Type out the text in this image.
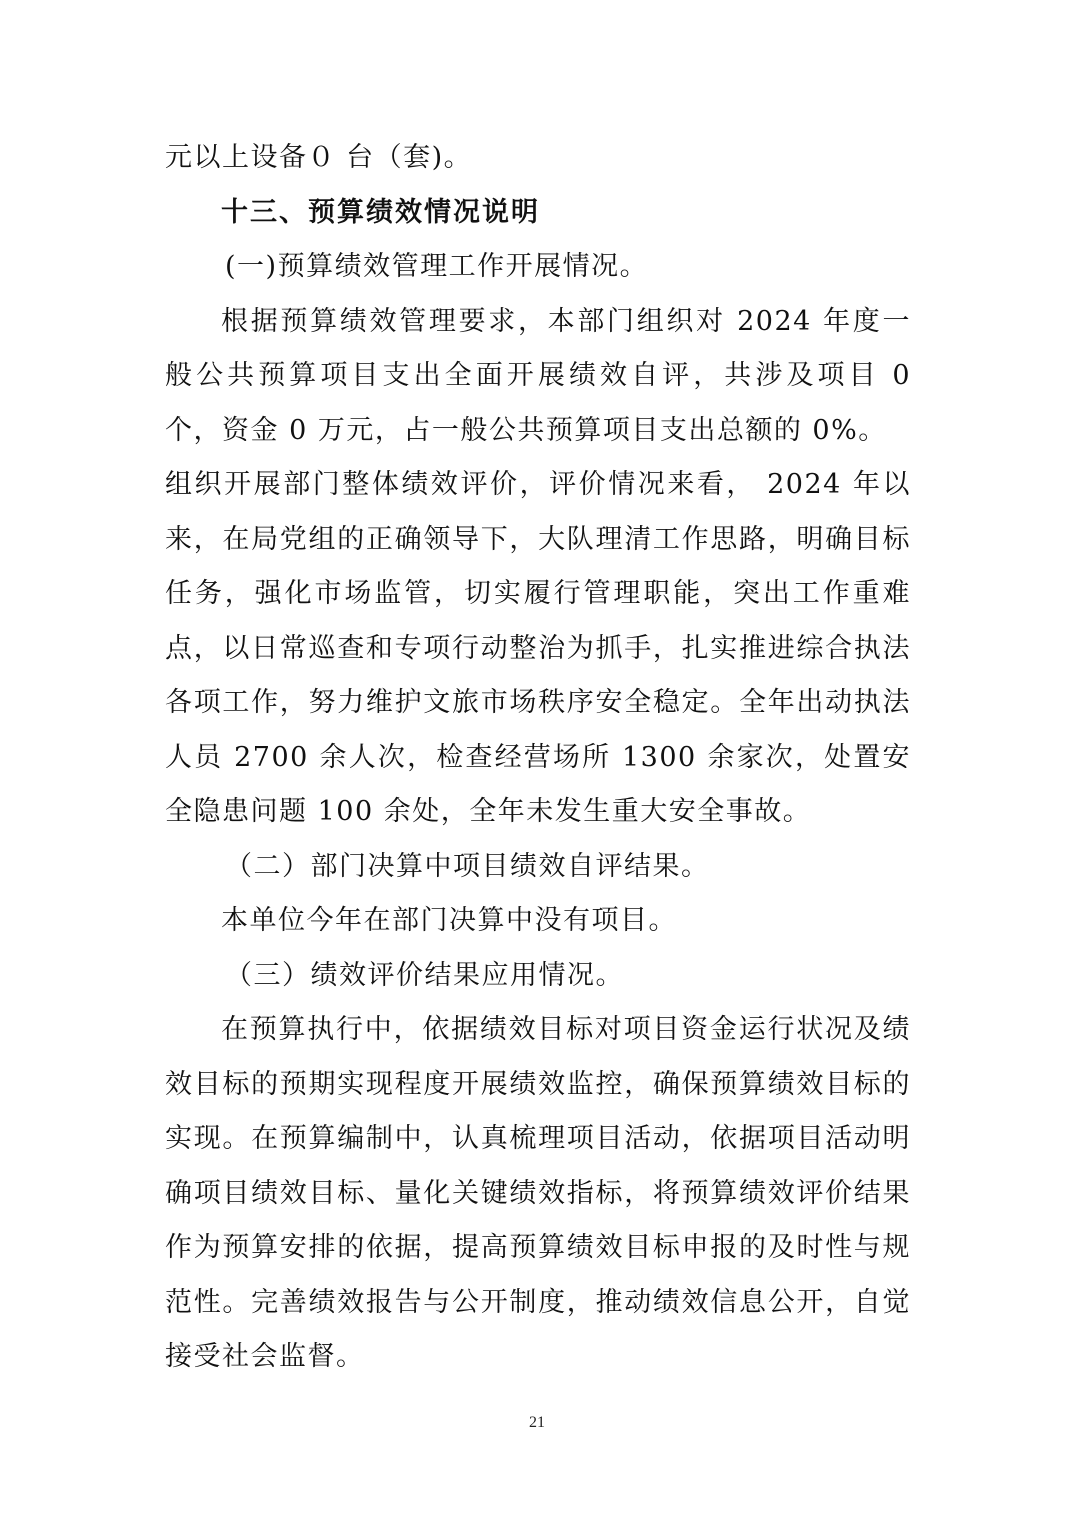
元以上设备０ 台（套)。

十三、预算绩效情况说明

(一)预算绩效管理工作开展情况。

根据预算绩效管理要求，本部门组织对 2024 年度一般公共预算项目支出全面开展绩效自评，共涉及项目 0 个，资金 0 万元，占一般公共预算项目支出总额的 0%。

组织开展部门整体绩效评价，评价情况来看， 2024 年以来，在局党组的正确领导下，大队理清工作思路，明确目标任务，强化市场监管，切实履行管理职能，突出工作重难点，以日常巡查和专项行动整治为抓手，扎实推进综合执法各项工作，努力维护文旅市场秩序安全稳定。全年出动执法人员 2700 余人次，检查经营场所 1300 余家次，处置安全隐患问题 100 余处，全年未发生重大安全事故。

（二）部门决算中项目绩效自评结果。

本单位今年在部门决算中没有项目。

（三）绩效评价结果应用情况。

在预算执行中，依据绩效目标对项目资金运行状况及绩效目标的预期实现程度开展绩效监控，确保预算绩效目标的实现。在预算编制中，认真梳理项目活动，依据项目活动明确项目绩效目标、量化关键绩效指标，将预算绩效评价结果作为预算安排的依据，提高预算绩效目标申报的及时性与规范性。完善绩效报告与公开制度，推动绩效信息公开，自觉接受社会监督。

21
